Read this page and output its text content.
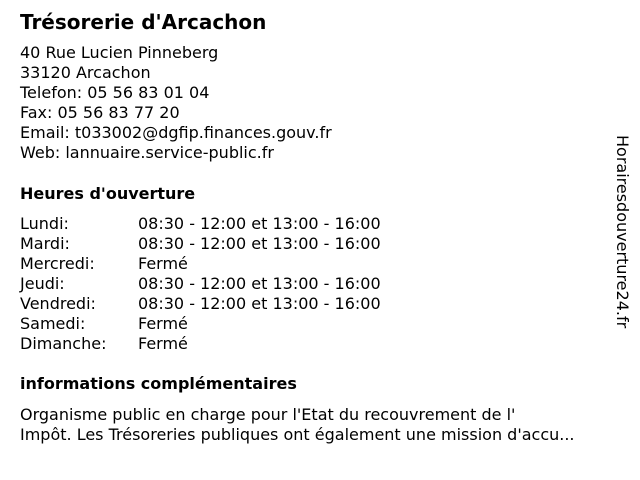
Trésorerie d'Arcachon
40 Rue Lucien Pinneberg
33120 Arcachon
Telefon: 05 56 83 01 04
Fax: 05 56 83 77 20
Email: t033002@dgfip.finances.gouv.fr
Web: lannuaire.service-public.fr
Heures d'ouverture
Lundi:	08:30 - 12:00 et 13:00 - 16:00
Mardi:	08:30 - 12:00 et 13:00 - 16:00
Mercredi:	Fermé
Jeudi:	08:30 - 12:00 et 13:00 - 16:00
Vendredi:	08:30 - 12:00 et 13:00 - 16:00
Samedi:	Fermé
Dimanche: Fermé
informations complémentaires
Organisme public en charge pour l'Etat du recouvrement de l'
Impôt. Les Trésoreries publiques ont également une mission d'accu...
Horairesdouverture24.fr
